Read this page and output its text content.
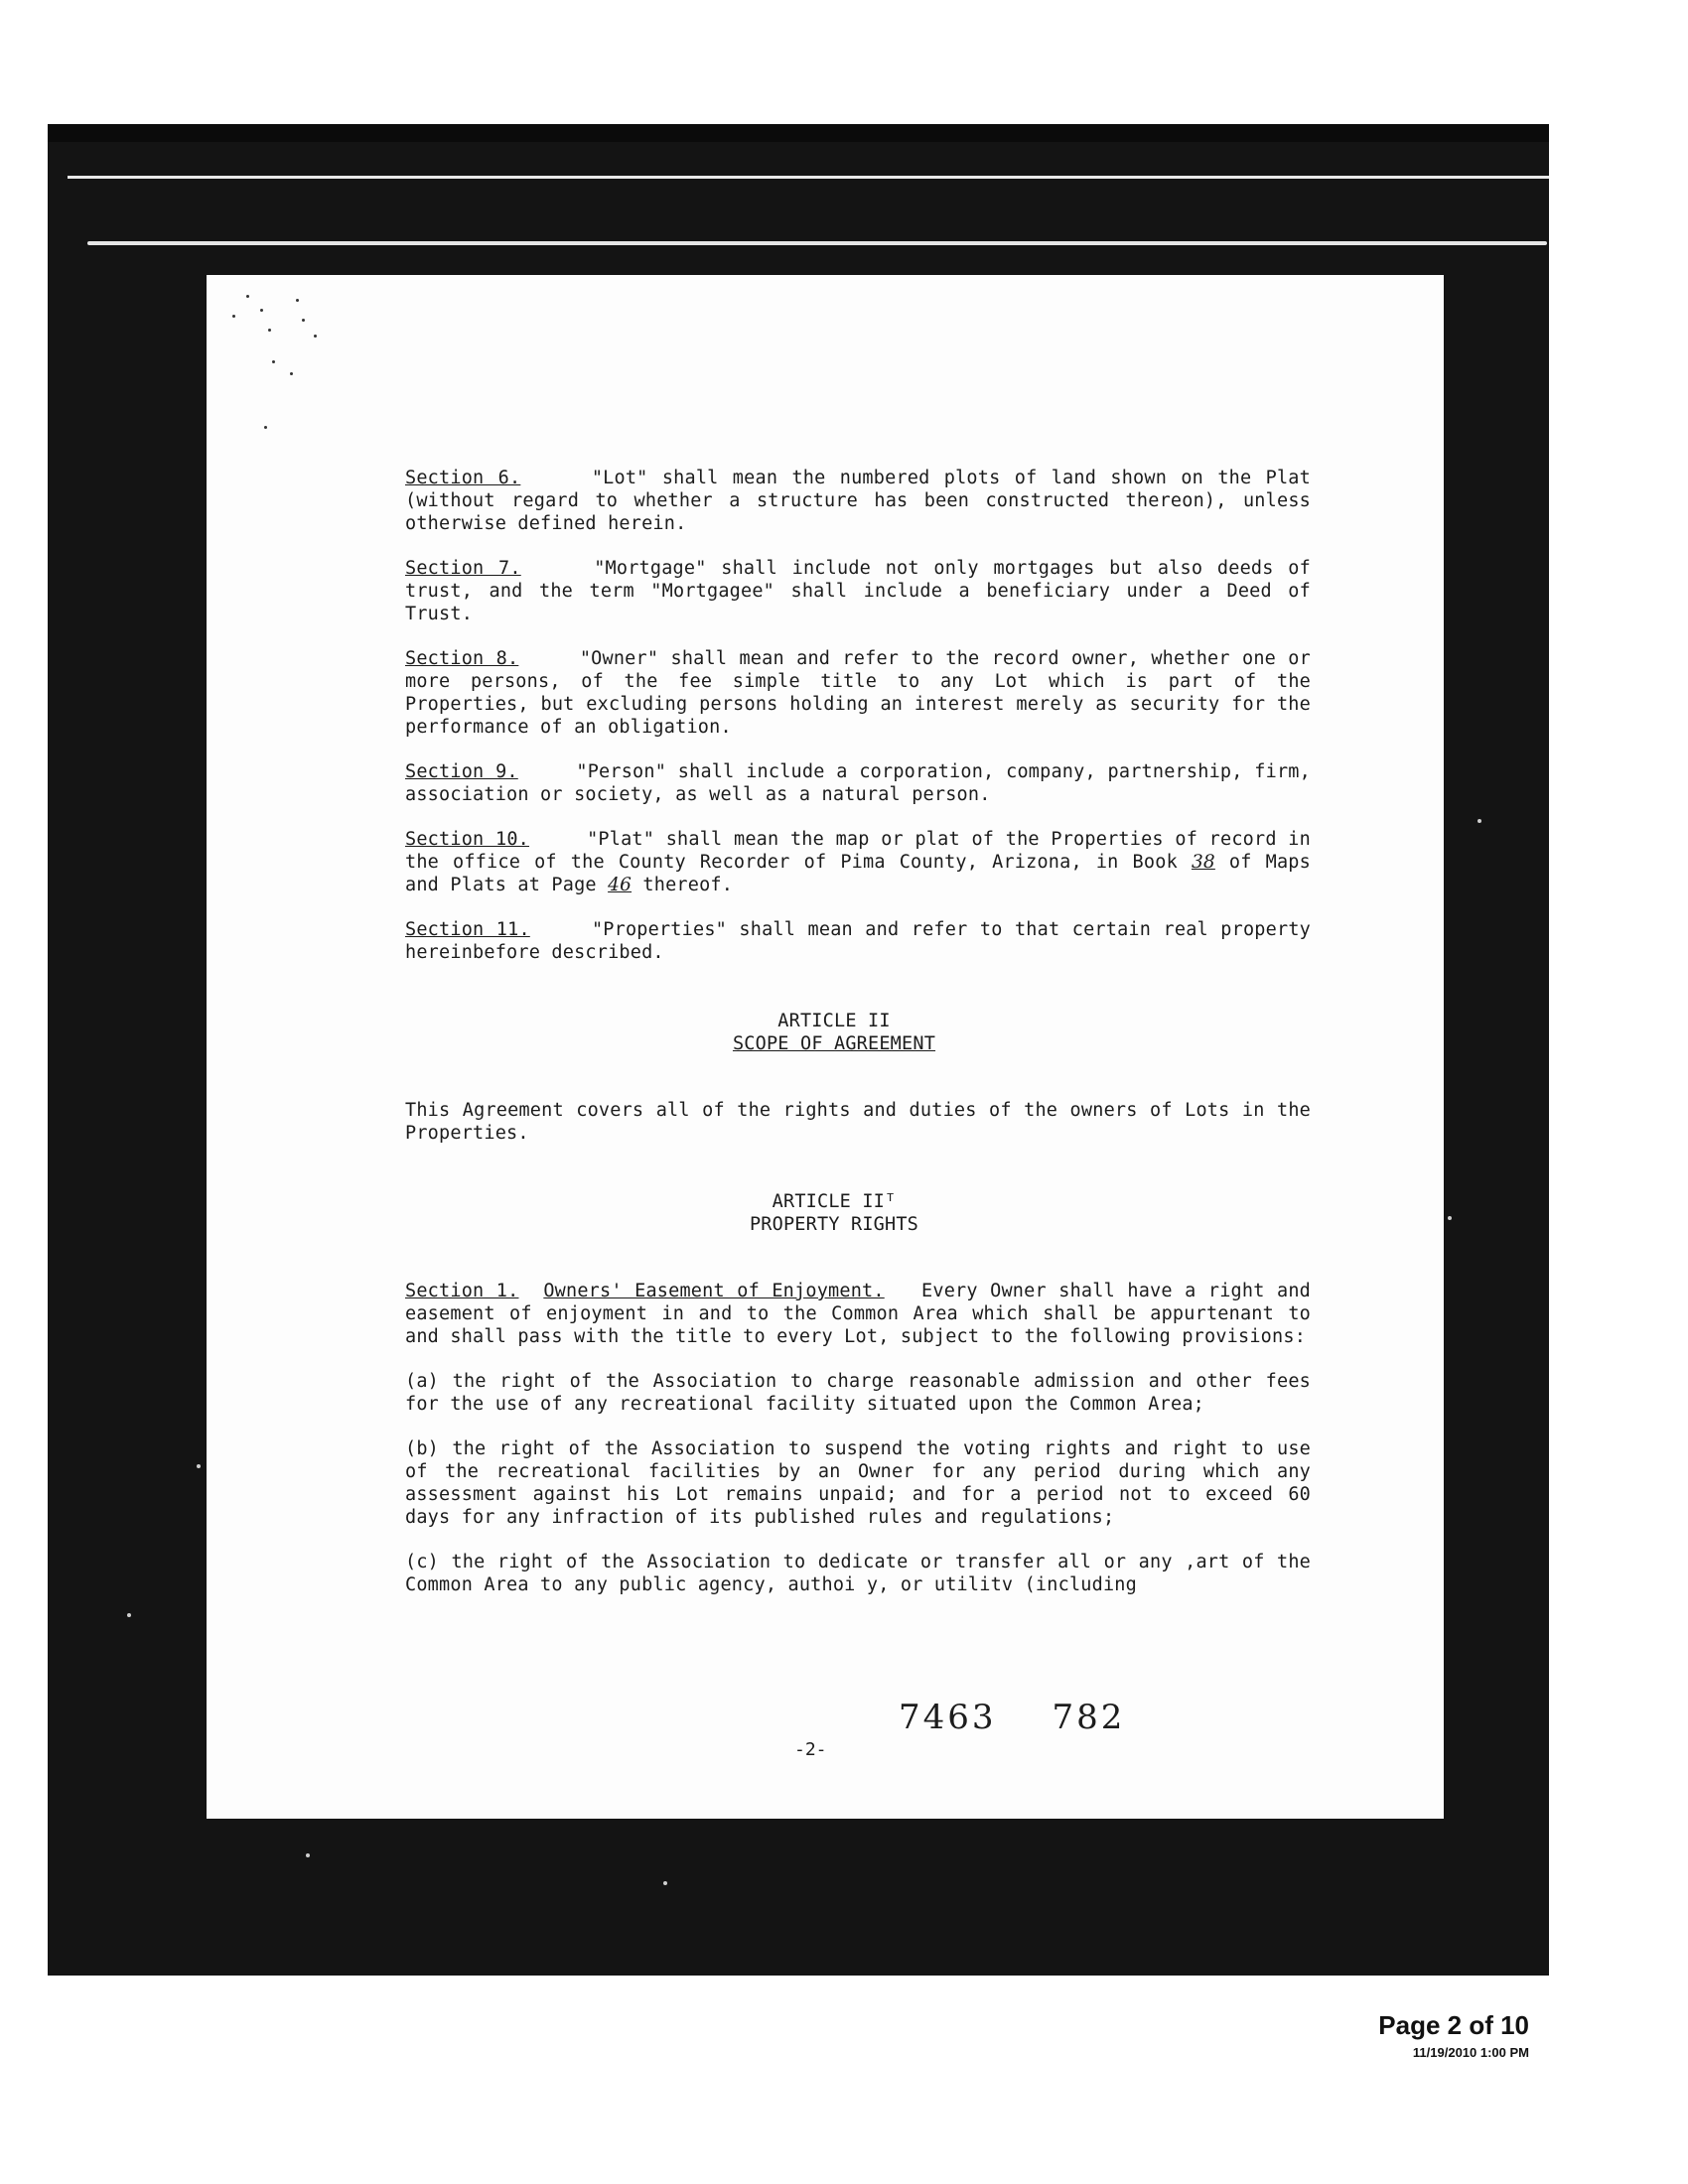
Section 6.	"Lot" shall mean the numbered plots of land shown on the Plat (without regard to whether a structure has been constructed thereon), unless otherwise defined herein.

Section 7.	"Mortgage" shall include not only mortgages but also deeds of trust, and the term "Mortgagee" shall include a beneficiary under a Deed of Trust.

Section 8.	"Owner" shall mean and refer to the record owner, whether one or more persons, of the fee simple title to any Lot which is part of the Properties, but excluding persons holding an interest merely as security for the performance of an obligation.

Section 9.	"Person" shall include a corporation, company, partnership, firm, association or society, as well as a natural person.

Section 10.	"Plat" shall mean the map or plat of the Properties of record in the office of the County Recorder of Pima County, Arizona, in Book 38 of Maps and Plats at Page 46 thereof.

Section 11.	"Properties" shall mean and refer to that certain real property hereinbefore described.

ARTICLE II

SCOPE OF AGREEMENT

This Agreement covers all of the rights and duties of the owners of Lots in the Properties.

ARTICLE IIᵀ

PROPERTY RIGHTS

Section 1. Owners' Easement of Enjoyment. Every Owner shall have a right and easement of enjoyment in and to the Common Area which shall be appurtenant to and shall pass with the title to every Lot, subject to the following provisions:

(a) the right of the Association to charge reasonable admission and other fees for the use of any recreational facility situated upon the Common Area;

(b) the right of the Association to suspend the voting rights and right to use of the recreational facilities by an Owner for any period during which any assessment against his Lot remains unpaid; and for a period not to exceed 60 days for any infraction of its published rules and regulations;

(c) the right of the Association to dedicate or transfer all or any ,art of the Common Area to any public agency, authoi y, or utilitv (including

7463 782
-2-
Page 2 of 10
11/19/2010 1:00 PM
